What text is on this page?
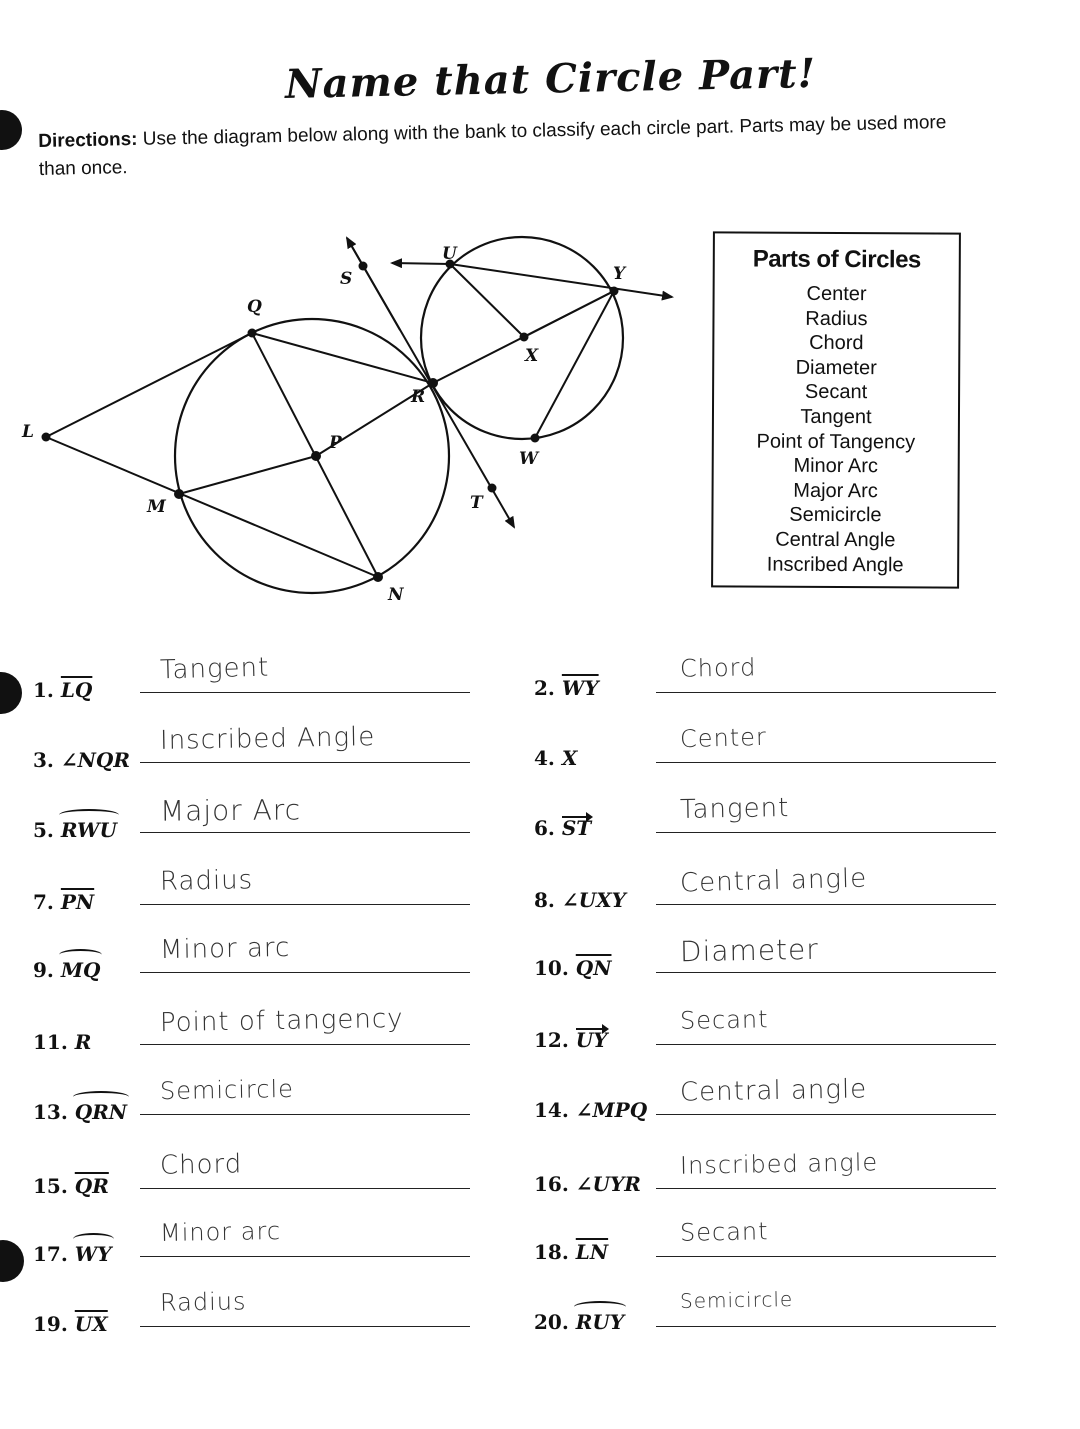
Name that Circle Part!
Directions: Use the diagram below along with the bank to classify each circle part. Parts may be used more than once.
S
U
Y
Q
X
R
P
L
W
M	T
N
Parts of Circles
Center
Radius
Chord
Diameter
Secant
Tangent
Point of Tangency
Minor Arc
Major Arc
Semicircle
Central Angle
Inscribed Angle
1. $\overline{LQ}$
Tangent
2. $\overline{WY}$
Chord
3. ∠NQR
Inscribed Angle
4. X
Center
5. RWU
Major Arc
6. ST
Tangent
7. $\overline{PN}$
Radius
8. ∠UXY
Central angle
9. MQ
Minor arc
10. $\overline{QN}$ Diameter
11. R
Point of tangency
12. UY
Secant
13. QRN
Semicircle
14. ∠MPQ
Central angle
15. $\overline{QR}$
Chord
16. ∠UYR
Inscribed angle
17. WY
Minor arc
18. $\overline{LN}$
Secant
19. $\overline{UX}$
Radius
20. RUY
Semicircle
